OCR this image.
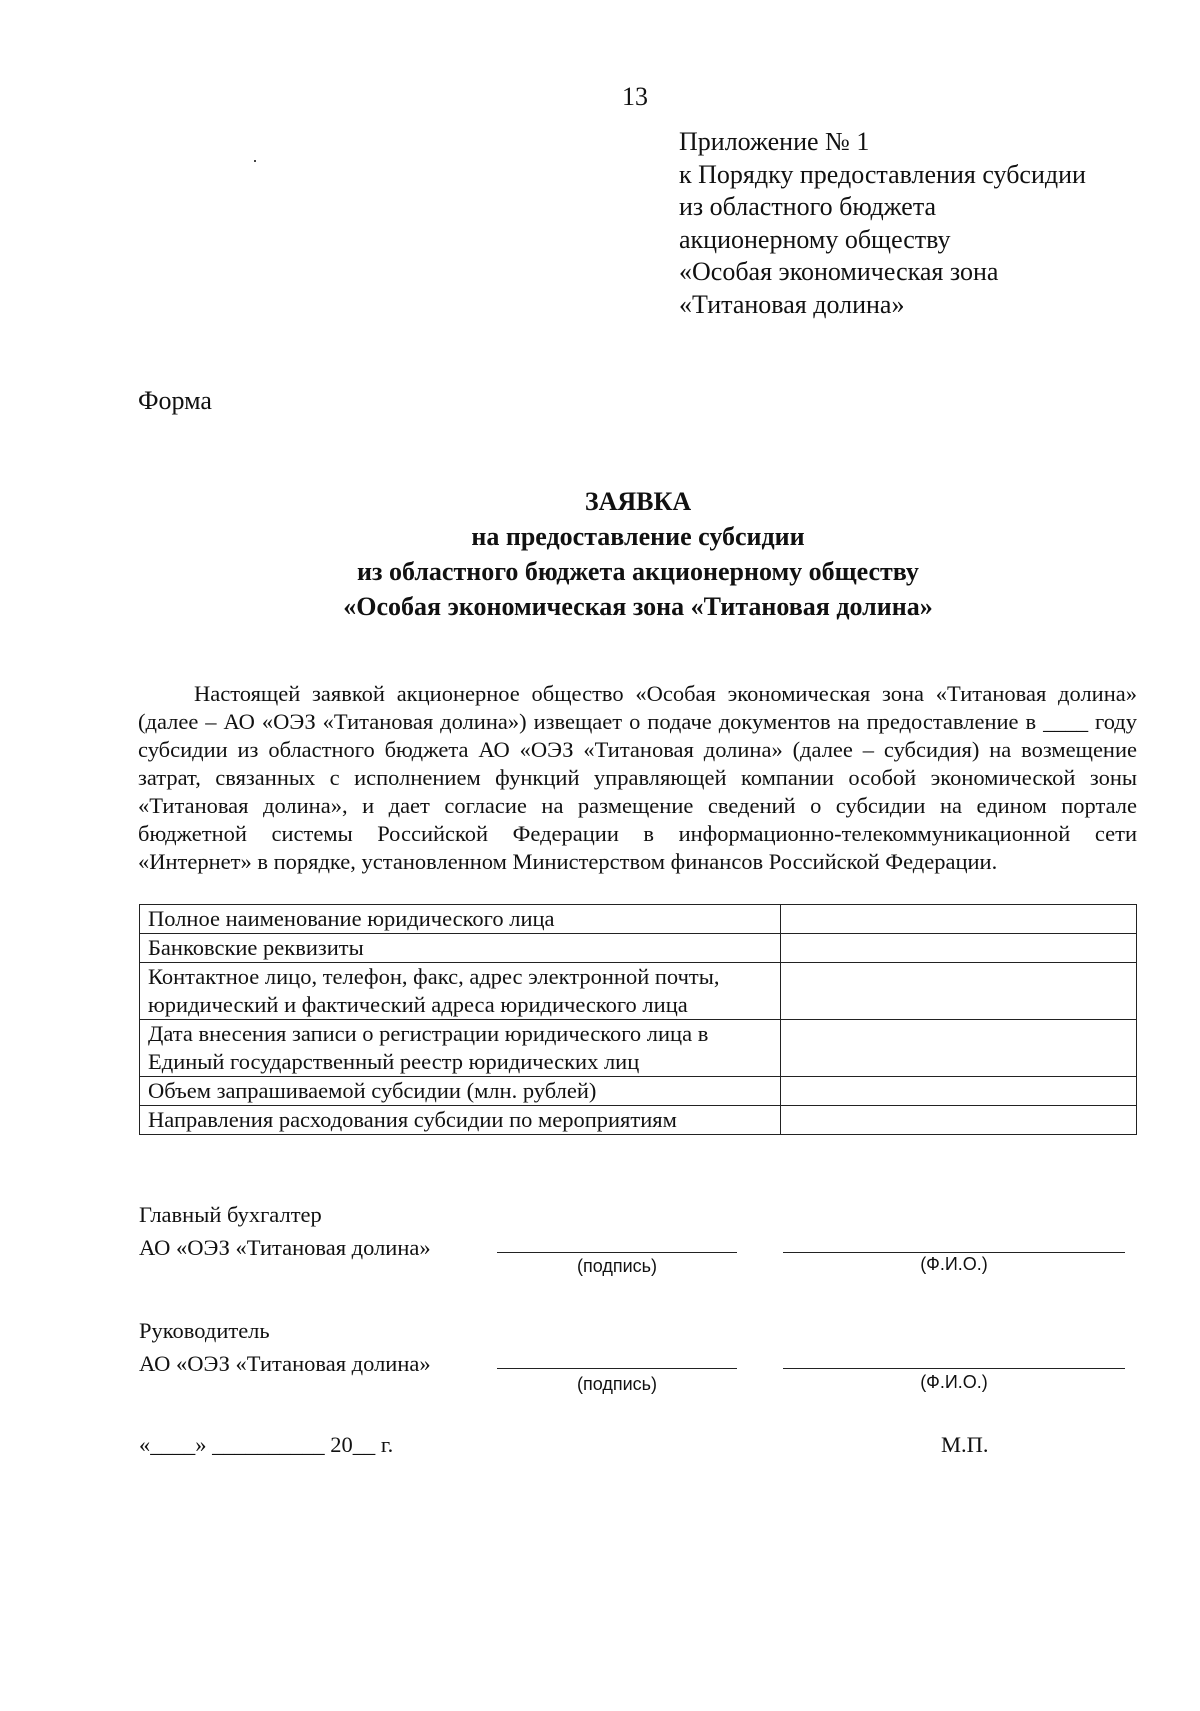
13
Приложение № 1
к Порядку предоставления субсидии
из областного бюджета
акционерному обществу
«Особая экономическая зона
«Титановая долина»
Форма
ЗАЯВКА
на предоставление субсидии
из областного бюджета акционерному обществу
«Особая экономическая зона «Титановая долина»

Настоящей заявкой акционерное общество «Особая экономическая зона «Титановая долина» (далее – АО «ОЭЗ «Титановая долина») извещает о подаче документов на предоставление в ____ году субсидии из областного бюджета АО «ОЭЗ «Титановая долина» (далее – субсидия) на возмещение затрат, связанных с исполнением функций управляющей компании особой экономической зоны «Титановая долина», и дает согласие на размещение сведений о субсидии на едином портале бюджетной системы Российской Федерации в информационно-телекоммуникационной сети «Интернет» в порядке, установленном Министерством финансов Российской Федерации.

Полное наименование юридического лица	
Банковские реквизиты	
Контактное лицо, телефон, факс, адрес электронной почты, юридический и фактический адреса юридического лица	
Дата внесения записи о регистрации юридического лица в Единый государственный реестр юридических лиц	
Объем запрашиваемой субсидии (млн. рублей)	
Направления расходования субсидии по мероприятиям	
Главный бухгалтер
АО «ОЭЗ «Титановая долина»
(подпись)	(Ф.И.О.)
Руководитель
АО «ОЭЗ «Титановая долина»
(подпись)	(Ф.И.О.)
«____» __________ 20__ г.	М.П.
